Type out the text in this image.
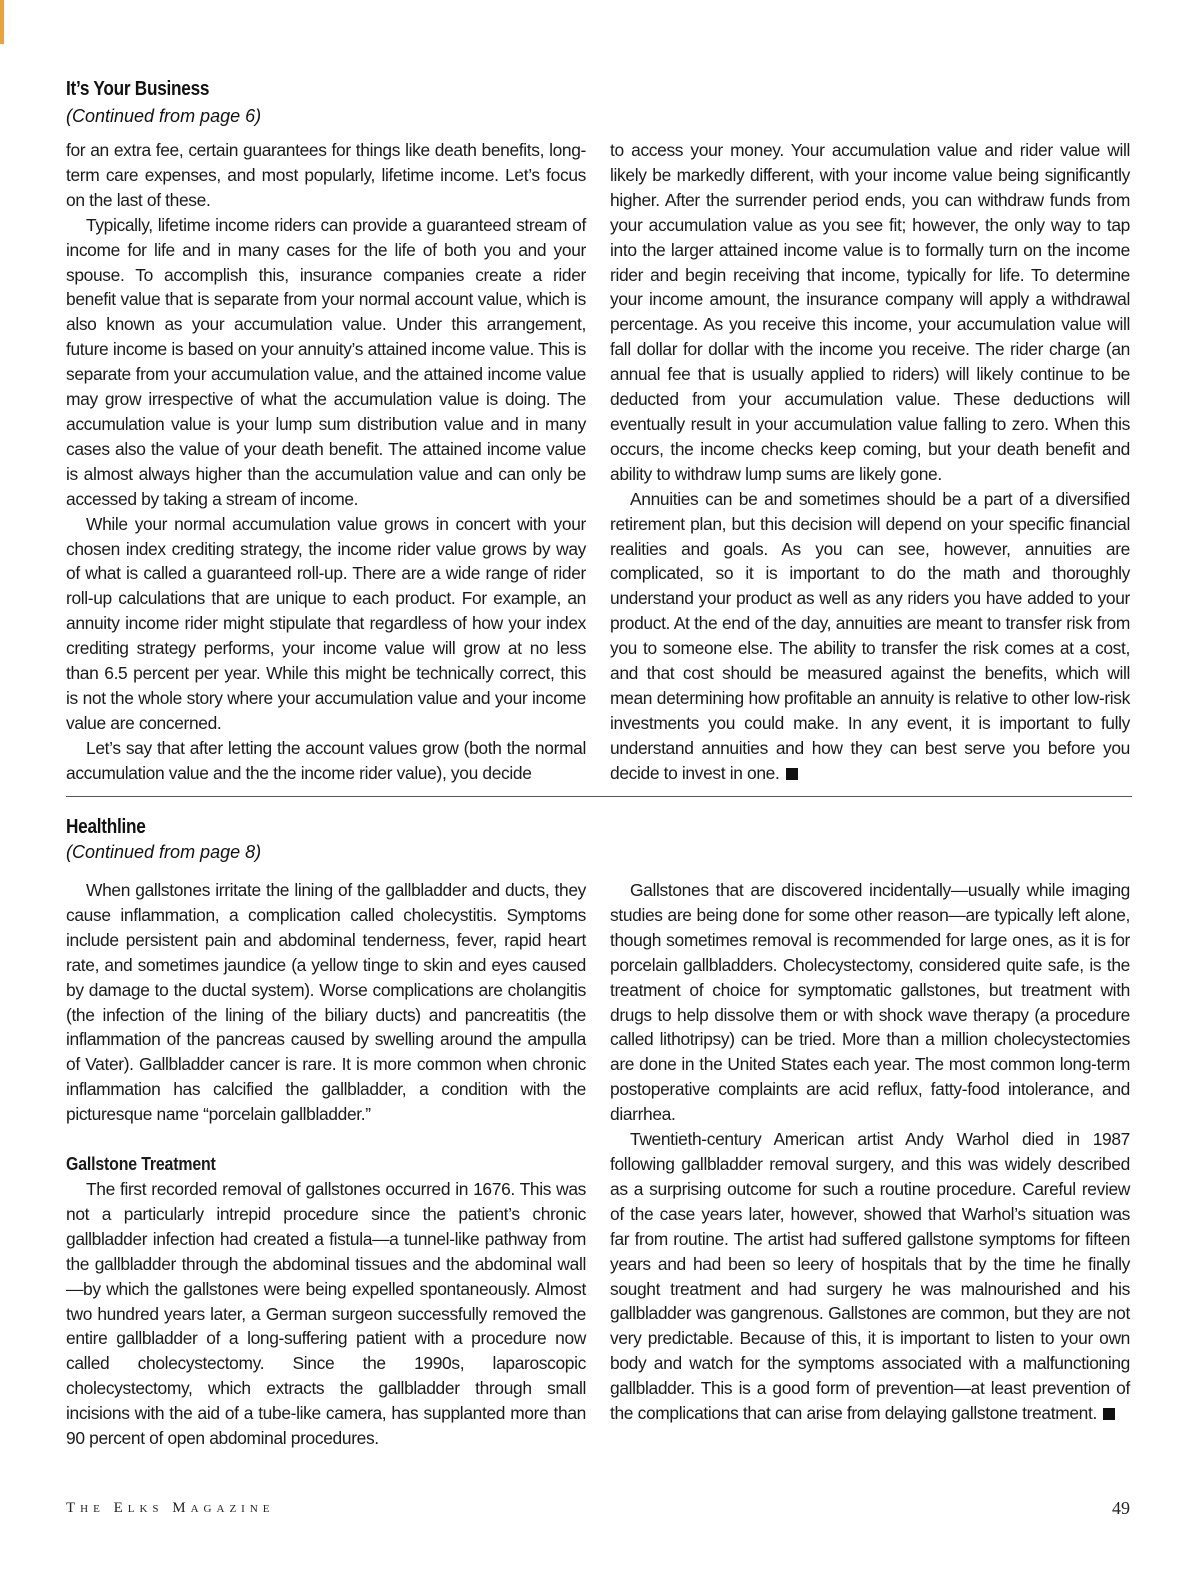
It’s Your Business
(Continued from page 6)

for an extra fee, certain guarantees for things like death benefits, long-term care expenses, and most popularly, lifetime income. Let’s focus on the last of these.

Typically, lifetime income riders can provide a guaranteed stream of income for life and in many cases for the life of both you and your spouse. To accomplish this, insurance companies create a rider benefit value that is separate from your normal account value, which is also known as your accumulation value. Under this arrangement, future income is based on your annuity’s attained income value. This is separate from your accumulation value, and the attained income value may grow irrespective of what the accumulation value is doing. The accumulation value is your lump sum distribution value and in many cases also the value of your death benefit. The attained income value is almost always higher than the accumulation value and can only be accessed by taking a stream of income.

While your normal accumulation value grows in concert with your chosen index crediting strategy, the income rider value grows by way of what is called a guaranteed roll-up. There are a wide range of rider roll-up calculations that are unique to each product. For example, an annuity income rider might stipulate that regardless of how your index crediting strategy performs, your income value will grow at no less than 6.5 percent per year. While this might be technically correct, this is not the whole story where your accumulation value and your income value are concerned.

Let’s say that after letting the account values grow (both the normal accumulation value and the the income rider value), you decide

to access your money. Your accumulation value and rider value will likely be markedly different, with your income value being significantly higher. After the surrender period ends, you can withdraw funds from your accumulation value as you see fit; however, the only way to tap into the larger attained income value is to formally turn on the income rider and begin receiving that income, typically for life. To determine your income amount, the insurance company will apply a withdrawal percentage. As you receive this income, your accumulation value will fall dollar for dollar with the income you receive. The rider charge (an annual fee that is usually applied to riders) will likely continue to be deducted from your accumulation value. These deductions will eventually result in your accumulation value falling to zero. When this occurs, the income checks keep coming, but your death benefit and ability to withdraw lump sums are likely gone.

Annuities can be and sometimes should be a part of a diversified retirement plan, but this decision will depend on your specific financial realities and goals. As you can see, however, annuities are complicated, so it is important to do the math and thoroughly understand your product as well as any riders you have added to your product. At the end of the day, annuities are meant to transfer risk from you to someone else. The ability to transfer the risk comes at a cost, and that cost should be measured against the benefits, which will mean determining how profitable an annuity is relative to other low-risk investments you could make. In any event, it is important to fully understand annuities and how they can best serve you before you decide to invest in one.

Healthline
(Continued from page 8)

When gallstones irritate the lining of the gallbladder and ducts, they cause inflammation, a complication called cholecystitis. Symptoms include persistent pain and abdominal tenderness, fever, rapid heart rate, and sometimes jaundice (a yellow tinge to skin and eyes caused by damage to the ductal system). Worse complications are cholangitis (the infection of the lining of the biliary ducts) and pancreatitis (the inflammation of the pancreas caused by swelling around the ampulla of Vater). Gallbladder cancer is rare. It is more common when chronic inflammation has calcified the gallbladder, a condition with the picturesque name “porcelain gallbladder.”

Gallstone Treatment

The first recorded removal of gallstones occurred in 1676. This was not a particularly intrepid procedure since the patient’s chronic gallbladder infection had created a fistula—a tunnel-like pathway from the gallbladder through the abdominal tissues and the abdominal wall—by which the gallstones were being expelled spontaneously. Almost two hundred years later, a German surgeon successfully removed the entire gallbladder of a long-suffering patient with a procedure now called cholecystectomy. Since the 1990s, laparoscopic cholecystectomy, which extracts the gallbladder through small incisions with the aid of a tube-like camera, has supplanted more than 90 percent of open abdominal procedures.

Gallstones that are discovered incidentally—usually while imaging studies are being done for some other reason—are typically left alone, though sometimes removal is recommended for large ones, as it is for porcelain gallbladders. Cholecystectomy, considered quite safe, is the treatment of choice for symptomatic gallstones, but treatment with drugs to help dissolve them or with shock wave therapy (a procedure called lithotripsy) can be tried. More than a million cholecystectomies are done in the United States each year. The most common long-term postoperative complaints are acid reflux, fatty-food intolerance, and diarrhea.

Twentieth-century American artist Andy Warhol died in 1987 following gallbladder removal surgery, and this was widely described as a surprising outcome for such a routine procedure. Careful review of the case years later, however, showed that Warhol’s situation was far from routine. The artist had suffered gallstone symptoms for fifteen years and had been so leery of hospitals that by the time he finally sought treatment and had surgery he was malnourished and his gallbladder was gangrenous. Gallstones are common, but they are not very predictable. Because of this, it is important to listen to your own body and watch for the symptoms associated with a malfunctioning gallbladder. This is a good form of prevention—at least prevention of the complications that can arise from delaying gallstone treatment.

The Elks Magazine	49
